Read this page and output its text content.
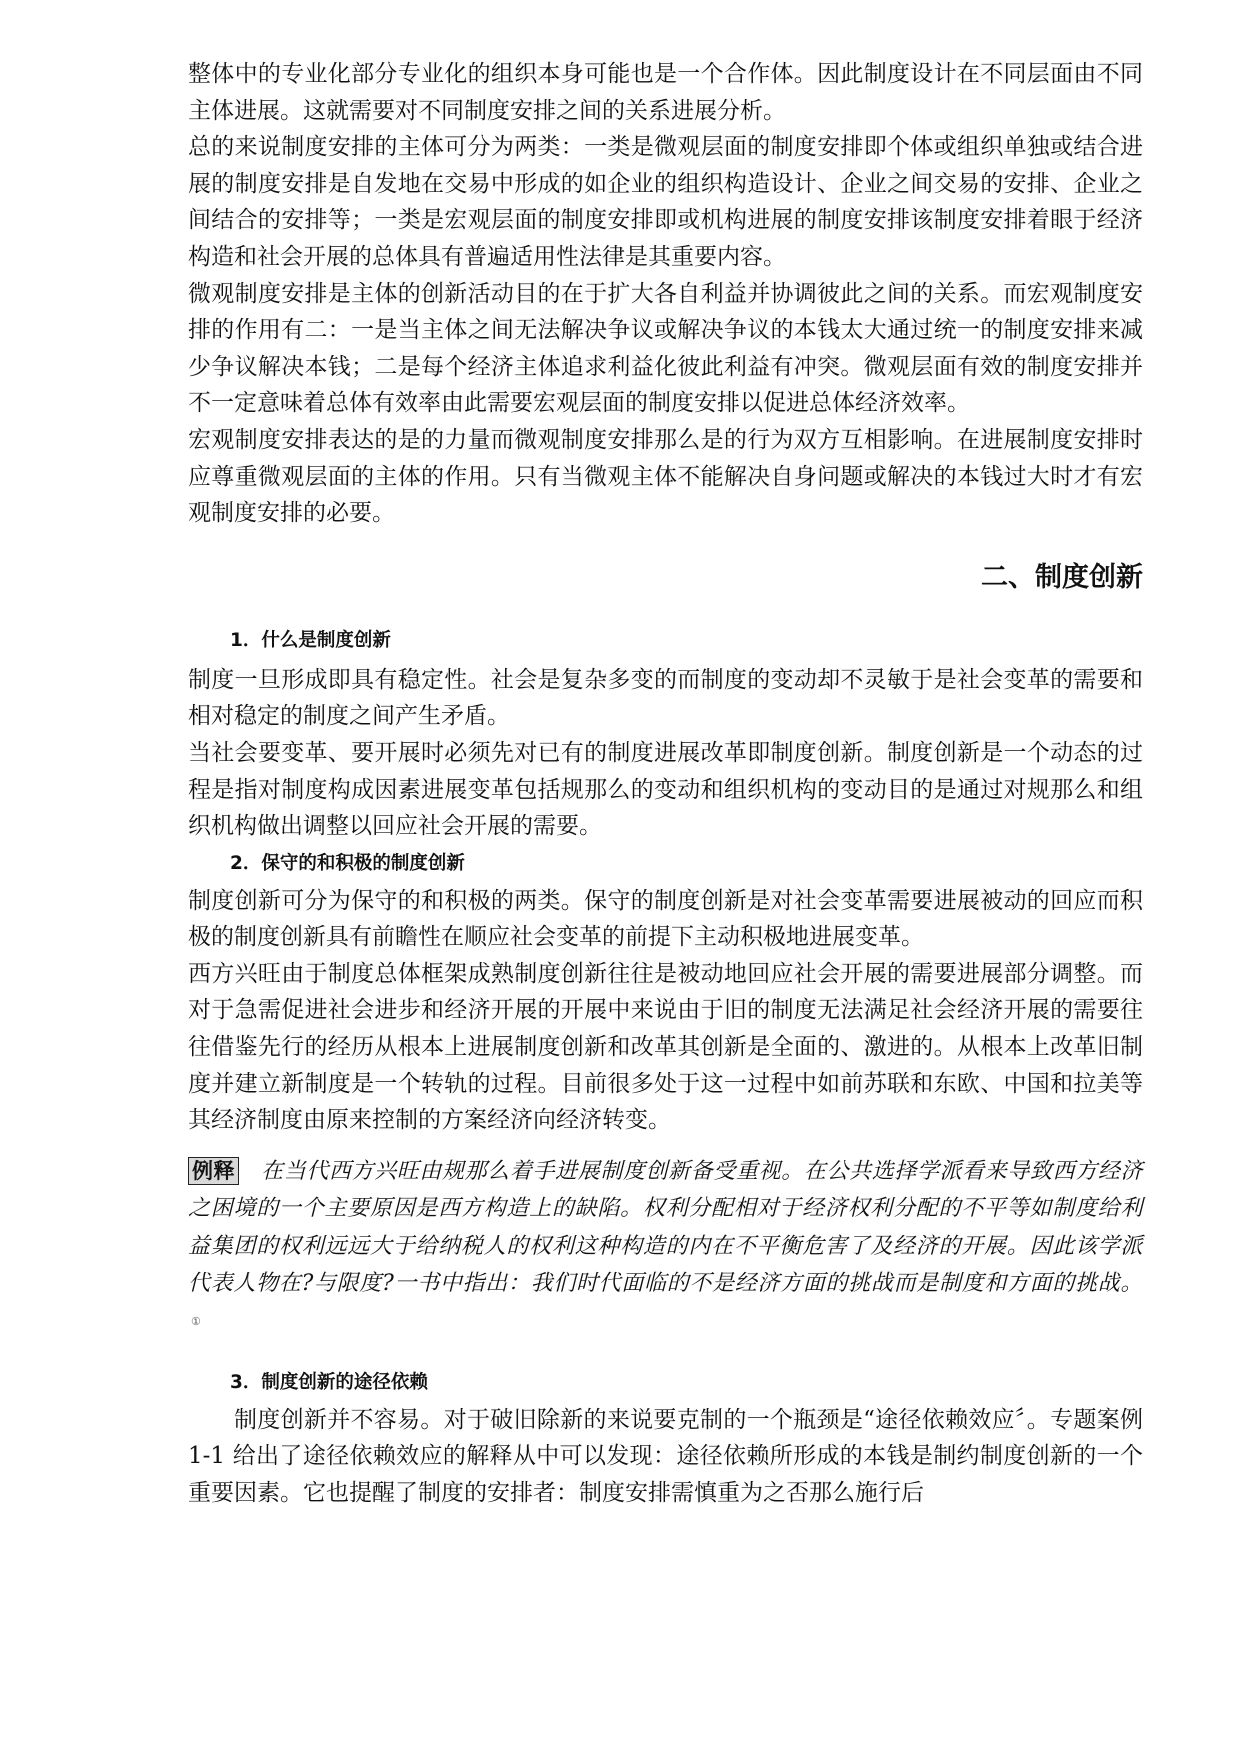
整体中的专业化部分专业化的组织本身可能也是一个合作体。因此制度设计在不同层面由不同主体进展。这就需要对不同制度安排之间的关系进展分析。

总的来说制度安排的主体可分为两类：一类是微观层面的制度安排即个体或组织单独或结合进展的制度安排是自发地在交易中形成的如企业的组织构造设计、企业之间交易的安排、企业之间结合的安排等；一类是宏观层面的制度安排即或机构进展的制度安排该制度安排着眼于经济构造和社会开展的总体具有普遍适用性法律是其重要内容。

微观制度安排是主体的创新活动目的在于扩大各自利益并协调彼此之间的关系。而宏观制度安排的作用有二：一是当主体之间无法解决争议或解决争议的本钱太大通过统一的制度安排来减少争议解决本钱；二是每个经济主体追求利益化彼此利益有冲突。微观层面有效的制度安排并不一定意味着总体有效率由此需要宏观层面的制度安排以促进总体经济效率。

宏观制度安排表达的是的力量而微观制度安排那么是的行为双方互相影响。在进展制度安排时应尊重微观层面的主体的作用。只有当微观主体不能解决自身问题或解决的本钱过大时才有宏观制度安排的必要。

二、制度创新
1．什么是制度创新

制度一旦形成即具有稳定性。社会是复杂多变的而制度的变动却不灵敏于是社会变革的需要和相对稳定的制度之间产生矛盾。

当社会要变革、要开展时必须先对已有的制度进展改革即制度创新。制度创新是一个动态的过程是指对制度构成因素进展变革包括规那么的变动和组织机构的变动目的是通过对规那么和组织机构做出调整以回应社会开展的需要。

2．保守的和积极的制度创新

制度创新可分为保守的和积极的两类。保守的制度创新是对社会变革需要进展被动的回应而积极的制度创新具有前瞻性在顺应社会变革的前提下主动积极地进展变革。

西方兴旺由于制度总体框架成熟制度创新往往是被动地回应社会开展的需要进展部分调整。而对于急需促进社会进步和经济开展的开展中来说由于旧的制度无法满足社会经济开展的需要往往借鉴先行的经历从根本上进展制度创新和改革其创新是全面的、激进的。从根本上改革旧制度并建立新制度是一个转轨的过程。目前很多处于这一过程中如前苏联和东欧、中国和拉美等其经济制度由原来控制的方案经济向经济转变。

例释 在当代西方兴旺由规那么着手进展制度创新备受重视。在公共选择学派看来导致西方经济之困境的一个主要原因是西方构造上的缺陷。权利分配相对于经济权利分配的不平等如制度给利益集团的权利远远大于给纳税人的权利这种构造的内在不平衡危害了及经济的开展。因此该学派代表人物在?与限度?一书中指出：我们时代面临的不是经济方面的挑战而是制度和方面的挑战。①

3．制度创新的途径依赖

制度创新并不容易。对于破旧除新的来说要克制的一个瓶颈是“途径依赖效应〞。专题案例 1-1 给出了途径依赖效应的解释从中可以发现：途径依赖所形成的本钱是制约制度创新的一个重要因素。它也提醒了制度的安排者：制度安排需慎重为之否那么施行后
